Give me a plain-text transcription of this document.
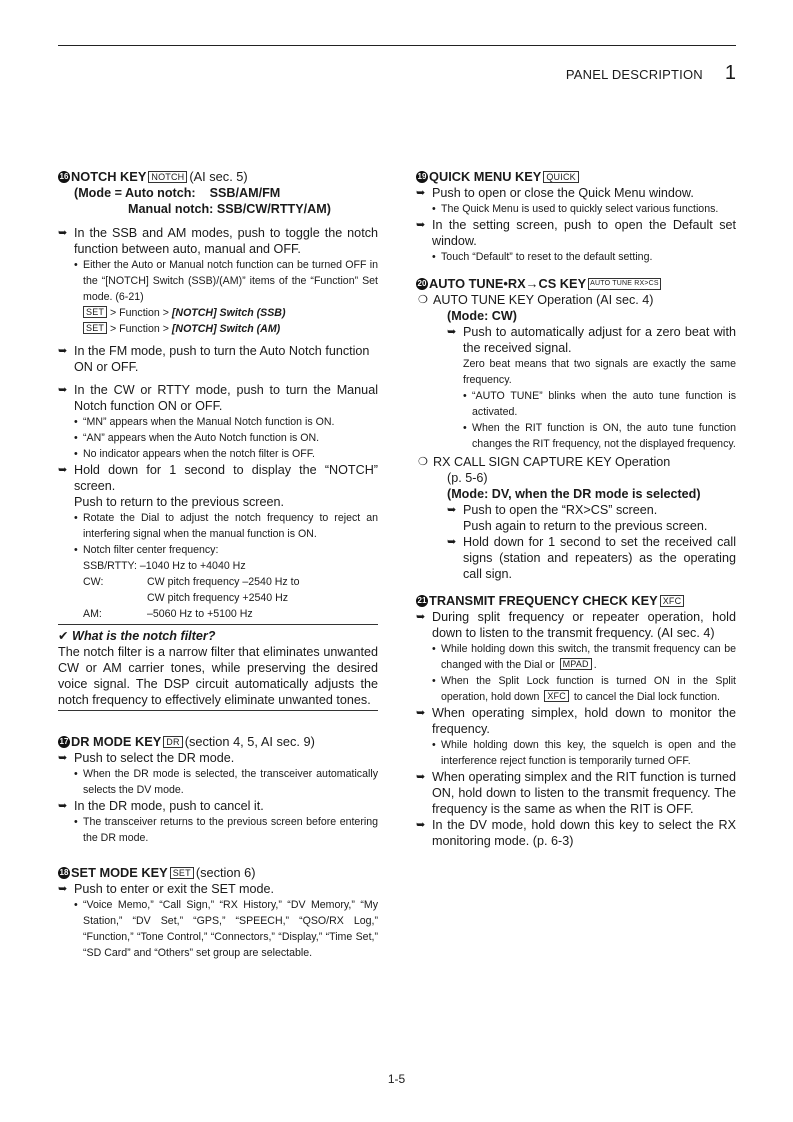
PANEL DESCRIPTION 1
16 NOTCH KEY NOTCH (AI sec. 5)
(Mode = Auto notch:    SSB/AM/FM
Manual notch: SSB/CW/RTTY/AM)
➥ In the SSB and AM modes, push to toggle the notch function between auto, manual and OFF.
• Either the Auto or Manual notch function can be turned OFF in the “[NOTCH] Switch (SSB)/(AM)” items of the “Function” Set mode. (6-21)
SET > Function > [NOTCH] Switch (SSB)
SET > Function > [NOTCH] Switch (AM)
➥ In the FM mode, push to turn the Auto Notch function ON or OFF.
➥ In the CW or RTTY mode, push to turn the Manual Notch function ON or OFF.
• “MN” appears when the Manual Notch function is ON.
• “AN” appears when the Auto Notch function is ON.
• No indicator appears when the notch filter is OFF.
➥ Hold down for 1 second to display the “NOTCH” screen.
Push to return to the previous screen.
• Rotate the Dial to adjust the notch frequency to reject an interfering signal when the manual function is ON.
• Notch filter center frequency:
SSB/RTTY: –1040 Hz to +4040 Hz
CW:	CW pitch frequency –2540 Hz to
CW pitch frequency +2540 Hz
AM:	–5060 Hz to +5100 Hz
✔ What is the notch filter?
The notch filter is a narrow filter that eliminates unwanted CW or AM carrier tones, while preserving the desired voice signal. The DSP circuit automatically adjusts the notch frequency to effectively eliminate unwanted tones.
17 DR MODE KEY DR (section 4, 5, AI sec. 9)
➥ Push to select the DR mode.
• When the DR mode is selected, the transceiver automatically selects the DV mode.
➥ In the DR mode, push to cancel it.
• The transceiver returns to the previous screen before entering the DR mode.
18 SET MODE KEY SET (section 6)
➥ Push to enter or exit the SET mode.
• “Voice Memo,” “Call Sign,” “RX History,” “DV Memory,” “My Station,” “DV Set,” “GPS,” “SPEECH,” “QSO/RX Log,” “Function,” “Tone Control,” “Connectors,” “Display,” “Time Set,” “SD Card” and “Others” set group are selectable.
19 QUICK MENU KEY QUICK
➥ Push to open or close the Quick Menu window.
• The Quick Menu is used to quickly select various functions.
➥ In the setting screen, push to open the Default set window.
• Touch “Default” to reset to the default setting.
20 AUTO TUNE•RX→CS KEY AUTO TUNE RX>CS
❍ AUTO TUNE KEY Operation (AI sec. 4)
(Mode: CW)
➥ Push to automatically adjust for a zero beat with the received signal.
Zero beat means that two signals are exactly the same frequency.
• “AUTO TUNE” blinks when the auto tune function is activated.
• When the RIT function is ON, the auto tune function changes the RIT frequency, not the displayed frequency.
❍ RX CALL SIGN CAPTURE KEY Operation
(p. 5-6)
(Mode: DV, when the DR mode is selected)
➥ Push to open the “RX>CS” screen.
Push again to return to the previous screen.
➥ Hold down for 1 second to set the received call signs (station and repeaters) as the operating call sign.
21 TRANSMIT FREQUENCY CHECK KEY XFC
➥ During split frequency or repeater operation, hold down to listen to the transmit frequency. (AI sec. 4)
• While holding down this switch, the transmit frequency can be changed with the Dial or MPAD .
• When the Split Lock function is turned ON in the Split operation, hold down XFC to cancel the Dial lock function.
➥ When operating simplex, hold down to monitor the frequency.
• While holding down this key, the squelch is open and the interference reject function is temporarily turned OFF.
➥ When operating simplex and the RIT function is turned ON, hold down to listen to the transmit frequency. The frequency is the same as when the RIT is OFF.
➥ In the DV mode, hold down this key to select the RX monitoring mode. (p. 6-3)
1-5
